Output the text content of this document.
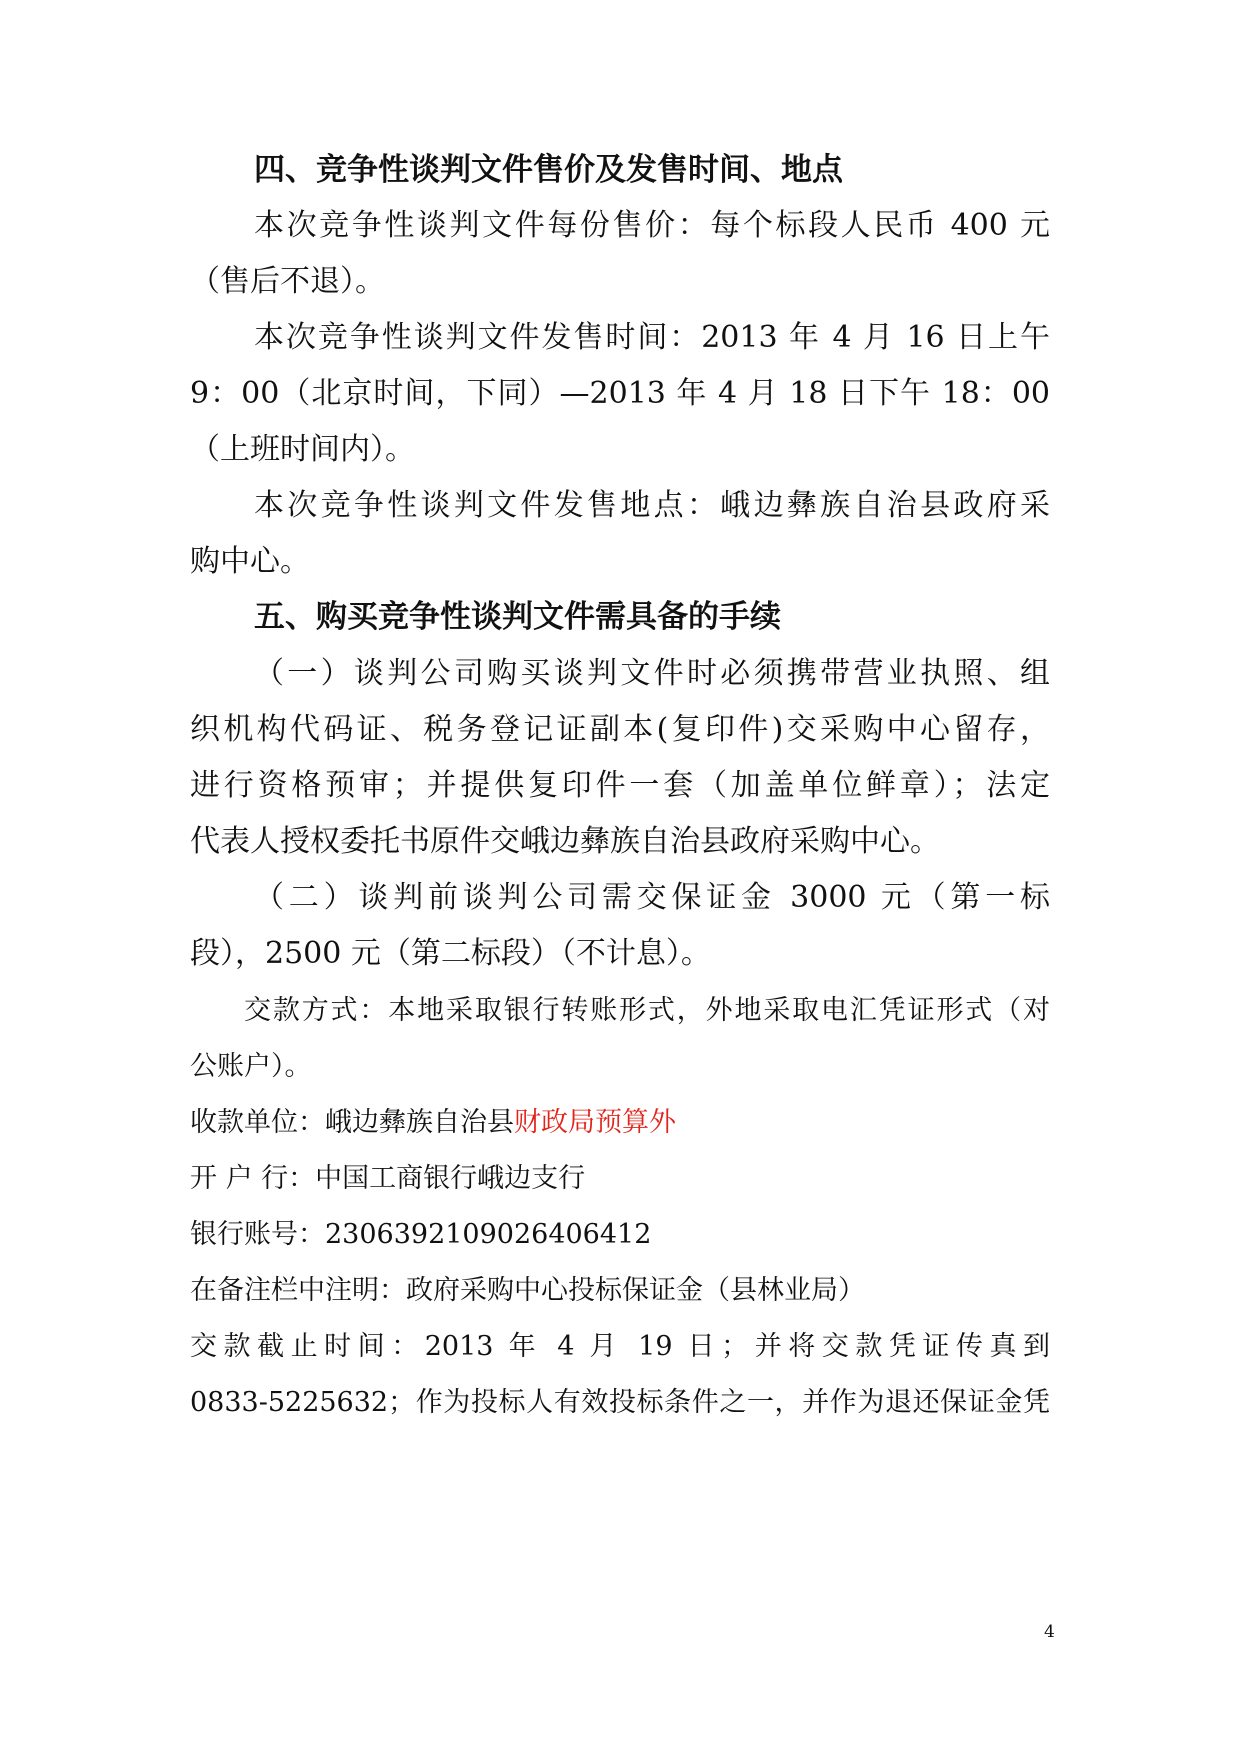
四、竞争性谈判文件售价及发售时间、地点
本次竞争性谈判文件每份售价：每个标段人民币 400 元
（售后不退）。
本次竞争性谈判文件发售时间：2013 年 4 月 16 日上午
9：00（北京时间，下同）—2013 年 4 月 18 日下午 18：00
（上班时间内）。
本次竞争性谈判文件发售地点：峨边彝族自治县政府采
购中心。
五、购买竞争性谈判文件需具备的手续
（一）谈判公司购买谈判文件时必须携带营业执照、组
织机构代码证、税务登记证副本(复印件)交采购中心留存，
进行资格预审；并提供复印件一套（加盖单位鲜章）；法定
代表人授权委托书原件交峨边彝族自治县政府采购中心。
（二）谈判前谈判公司需交保证金 3000 元（第一标
段），2500 元（第二标段）（不计息）。
交款方式：本地采取银行转账形式，外地采取电汇凭证形式（对
公账户）。
收款单位：峨边彝族自治县财政局预算外
开 户 行：中国工商银行峨边支行
银行账号：2306392109026406412
在备注栏中注明：政府采购中心投标保证金（县林业局）
交款截止时间：2013 年 4 月 19 日；并将交款凭证传真到
0833-5225632；作为投标人有效投标条件之一，并作为退还保证金凭
4
